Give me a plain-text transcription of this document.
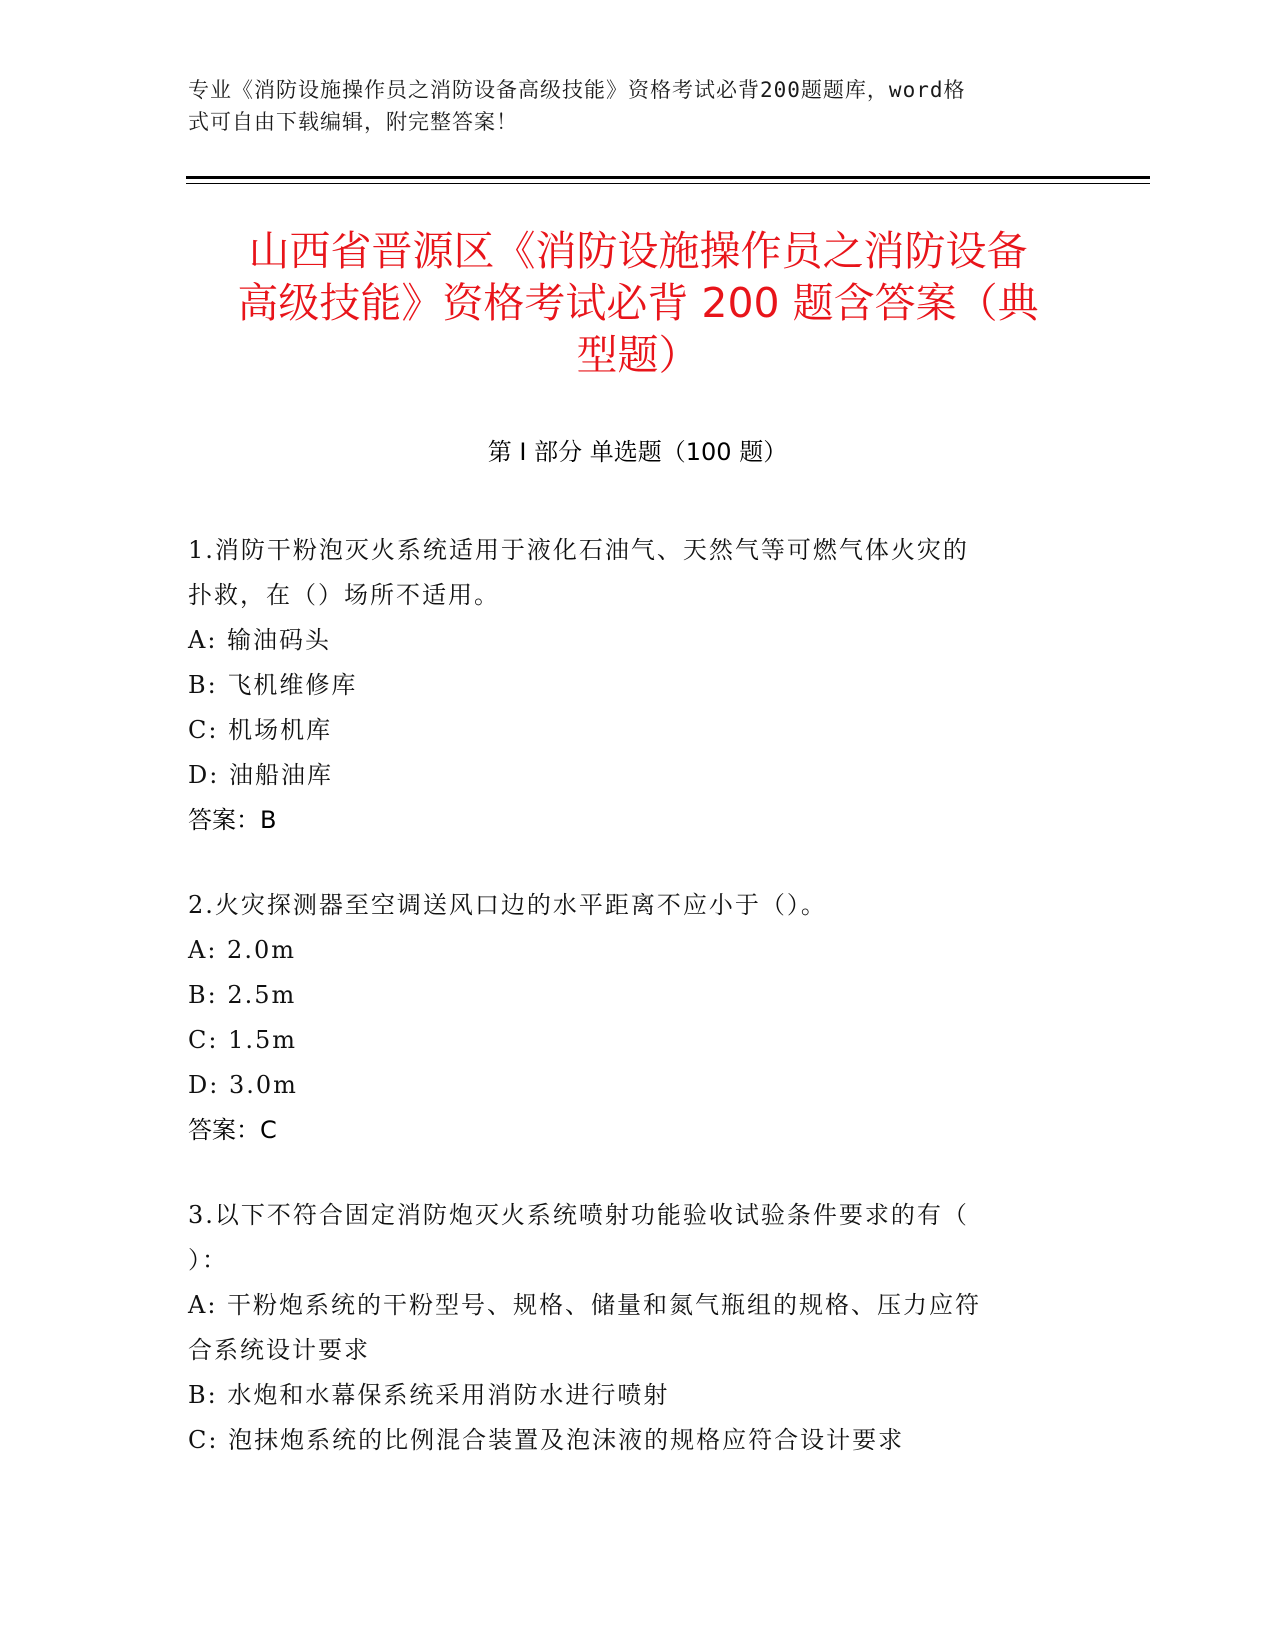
专业《消防设施操作员之消防设备高级技能》资格考试必背200题题库，word格
式可自由下载编辑，附完整答案！
山西省晋源区《消防设施操作员之消防设备
高级技能》资格考试必背 200 题含答案（典
型题）
第 I 部分 单选题（100 题）
1.消防干粉泡灭火系统适用于液化石油气、天然气等可燃气体火灾的
扑救，在（）场所不适用。
A: 输油码头
B: 飞机维修库
C: 机场机库
D: 油船油库
答案：B
2.火灾探测器至空调送风口边的水平距离不应小于（）。
A: 2.0m
B: 2.5m
C: 1.5m
D: 3.0m
答案：C
3.以下不符合固定消防炮灭火系统喷射功能验收试验条件要求的有（
）：
A: 干粉炮系统的干粉型号、规格、储量和氮气瓶组的规格、压力应符
合系统设计要求
B: 水炮和水幕保系统采用消防水进行喷射
C: 泡抹炮系统的比例混合装置及泡沫液的规格应符合设计要求
